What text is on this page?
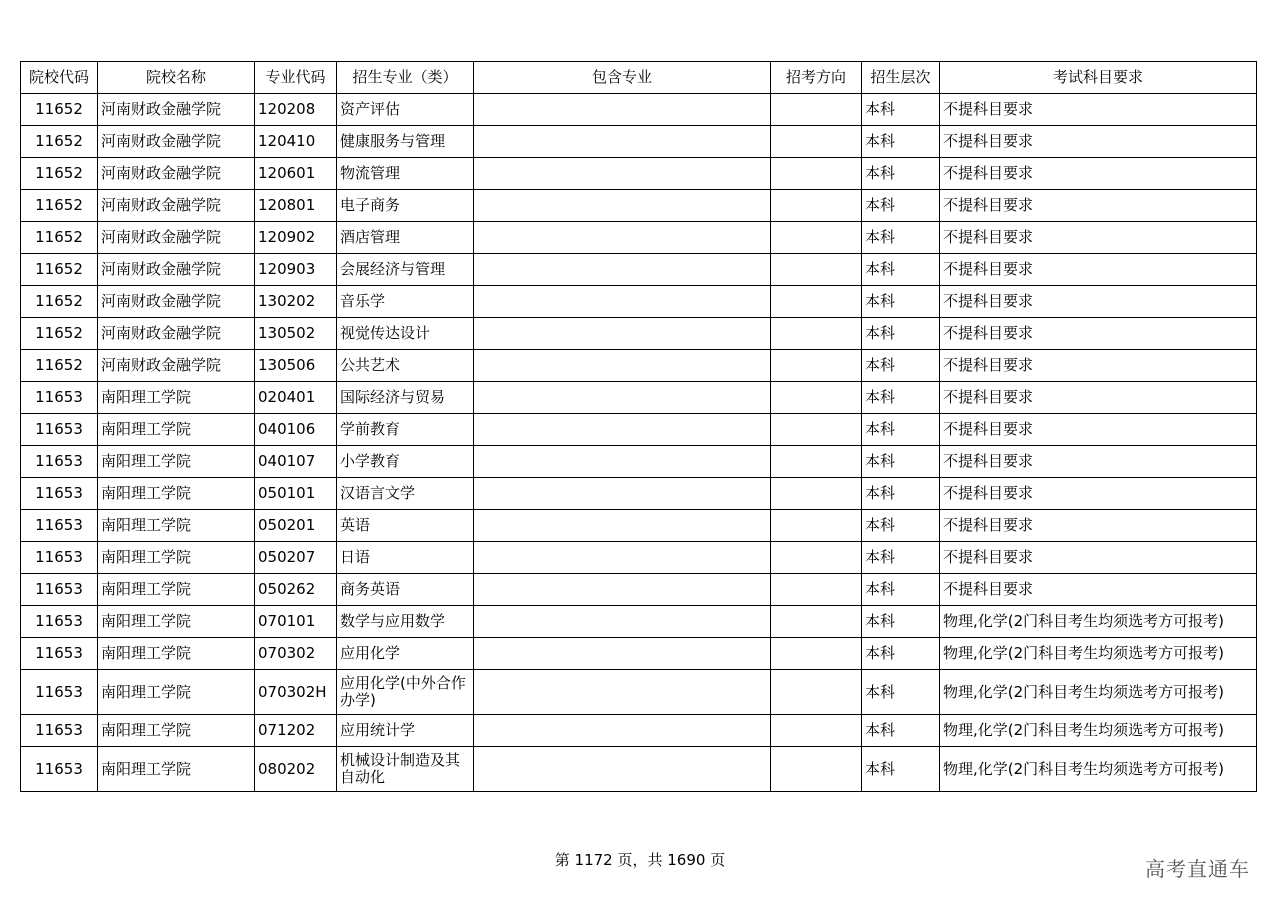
院校代码	院校名称	专业代码	招生专业（类）	包含专业	招考方向	招生层次	考试科目要求
11652	河南财政金融学院	120208	资产评估			本科	不提科目要求
11652	河南财政金融学院	120410	健康服务与管理			本科	不提科目要求
11652	河南财政金融学院	120601	物流管理			本科	不提科目要求
11652	河南财政金融学院	120801	电子商务			本科	不提科目要求
11652	河南财政金融学院	120902	酒店管理			本科	不提科目要求
11652	河南财政金融学院	120903	会展经济与管理			本科	不提科目要求
11652	河南财政金融学院	130202	音乐学			本科	不提科目要求
11652	河南财政金融学院	130502	视觉传达设计			本科	不提科目要求
11652	河南财政金融学院	130506	公共艺术			本科	不提科目要求
11653	南阳理工学院	020401	国际经济与贸易			本科	不提科目要求
11653	南阳理工学院	040106	学前教育			本科	不提科目要求
11653	南阳理工学院	040107	小学教育			本科	不提科目要求
11653	南阳理工学院	050101	汉语言文学			本科	不提科目要求
11653	南阳理工学院	050201	英语			本科	不提科目要求
11653	南阳理工学院	050207	日语			本科	不提科目要求
11653	南阳理工学院	050262	商务英语			本科	不提科目要求
11653	南阳理工学院	070101	数学与应用数学			本科	物理,化学(2门科目考生均须选考方可报考)
11653	南阳理工学院	070302	应用化学			本科	物理,化学(2门科目考生均须选考方可报考)
11653	南阳理工学院	070302H	应用化学(中外合作办学)			本科	物理,化学(2门科目考生均须选考方可报考)
11653	南阳理工学院	071202	应用统计学			本科	物理,化学(2门科目考生均须选考方可报考)
11653	南阳理工学院	080202	机械设计制造及其自动化			本科	物理,化学(2门科目考生均须选考方可报考)
第 1172 页，共 1690 页	高考直通车
